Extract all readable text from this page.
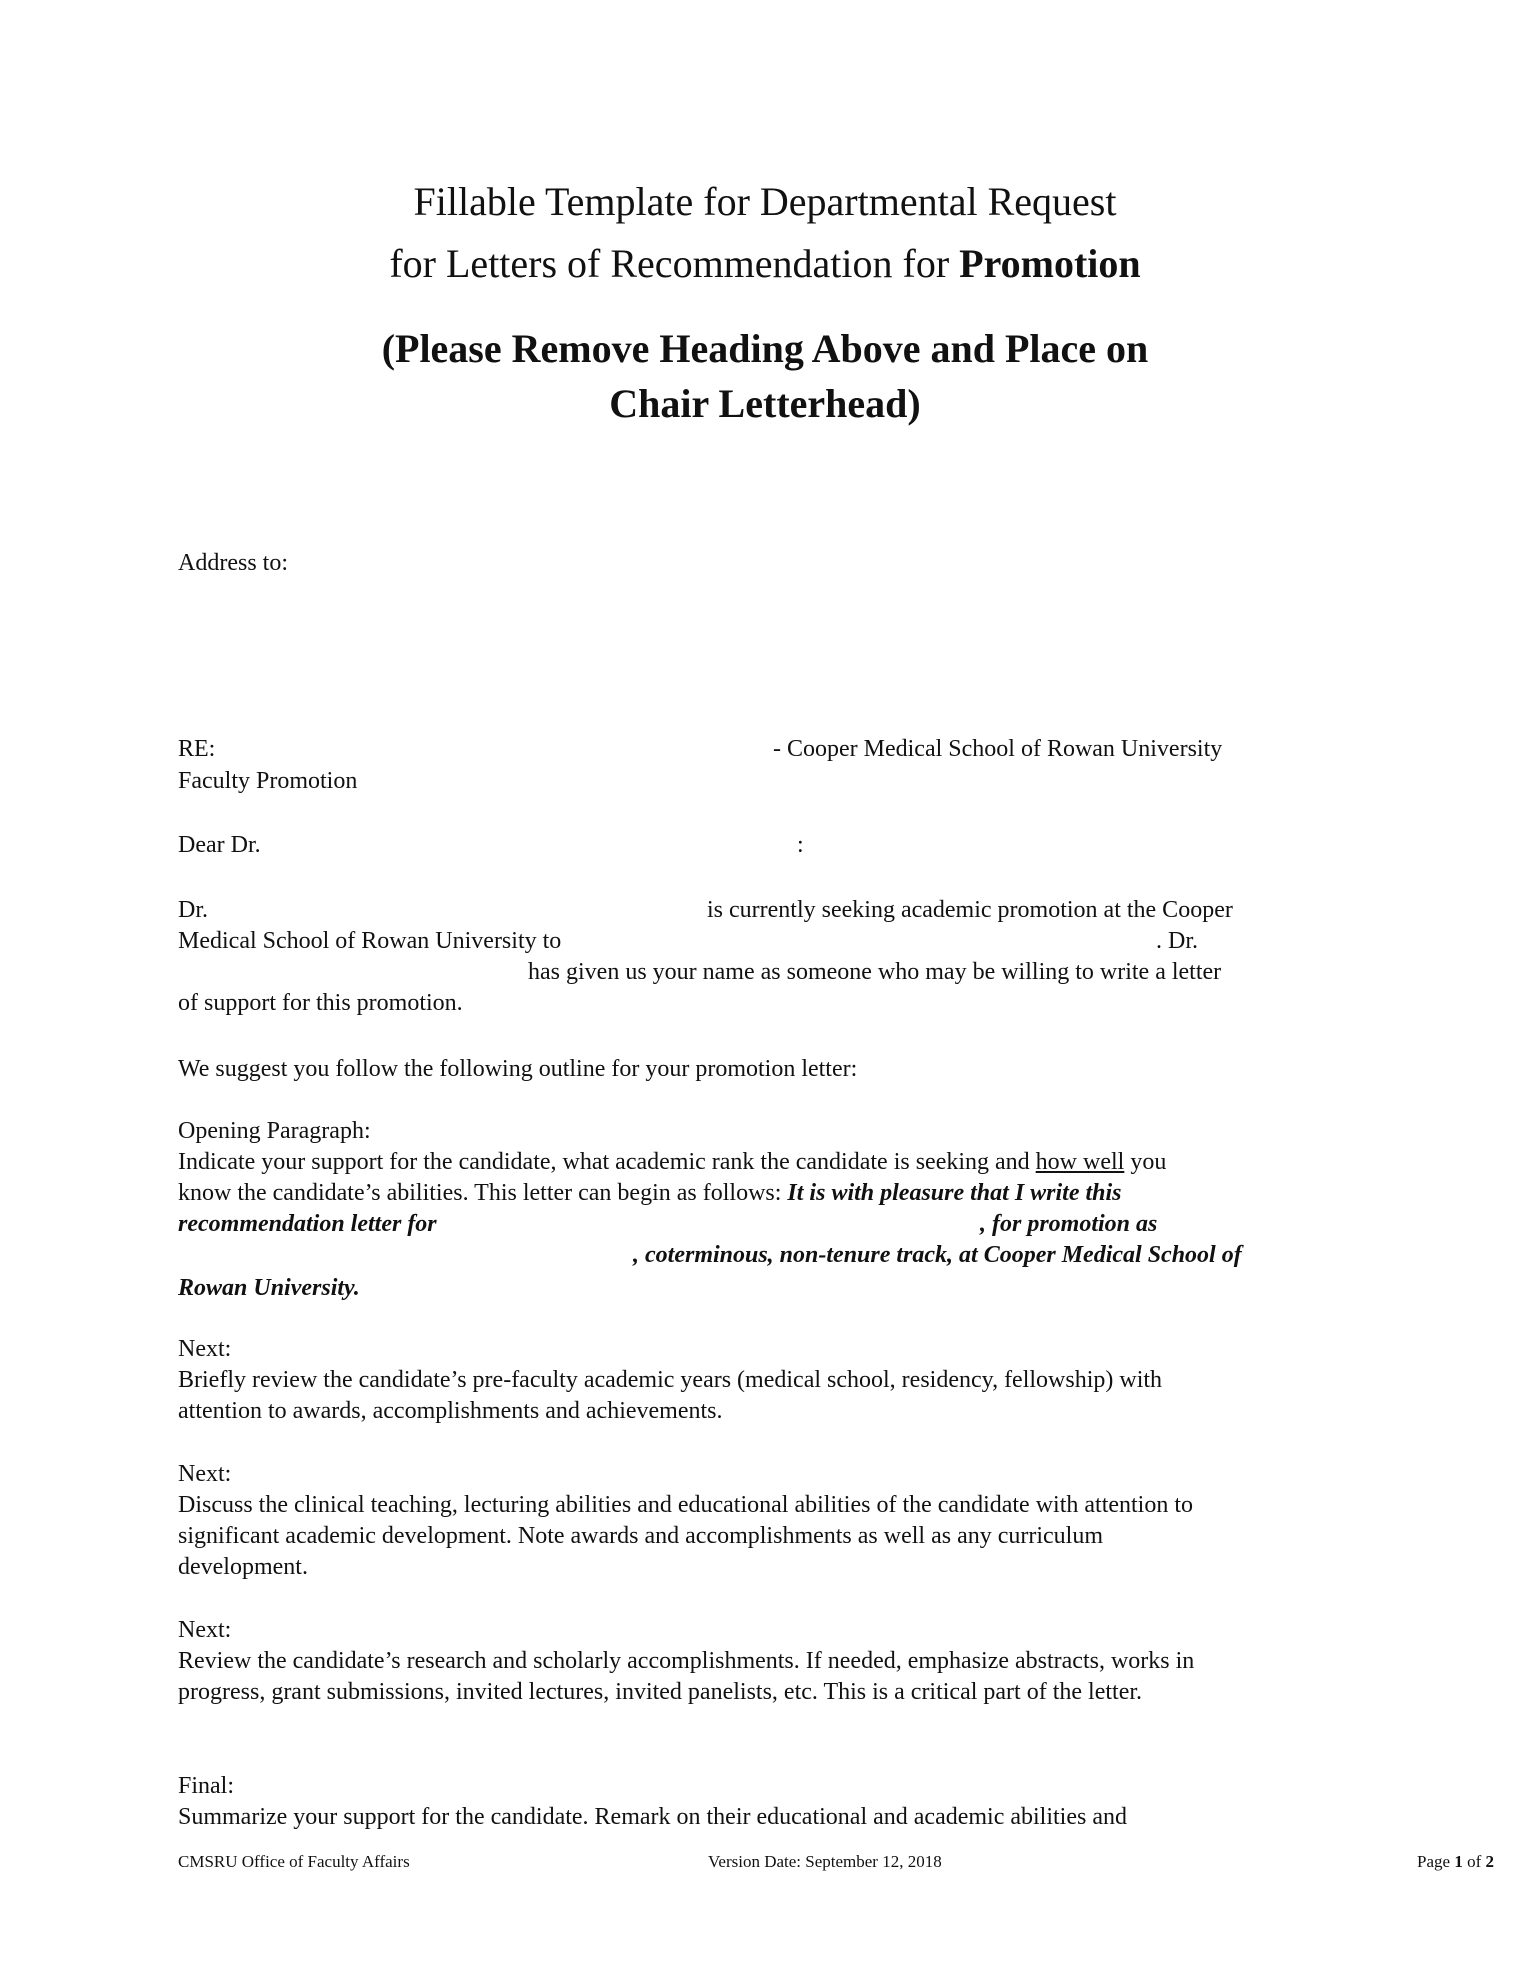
Fillable Template for Departmental Request
for Letters of Recommendation for Promotion
(Please Remove Heading Above and Place on
Chair Letterhead)
Address to:
RE:	- Cooper Medical School of Rowan University
Faculty Promotion
Dear Dr.	:
Dr.	is currently seeking academic promotion at the Cooper
Medical School of Rowan University to	. Dr.
has given us your name as someone who may be willing to write a letter
of support for this promotion.
We suggest you follow the following outline for your promotion letter:
Opening Paragraph:
Indicate your support for the candidate, what academic rank the candidate is seeking and how well you
know the candidate’s abilities. This letter can begin as follows: It is with pleasure that I write this
recommendation letter for	, for promotion as
, coterminous, non-tenure track, at Cooper Medical School of
Rowan University.
Next:
Briefly review the candidate’s pre-faculty academic years (medical school, residency, fellowship) with
attention to awards, accomplishments and achievements.
Next:
Discuss the clinical teaching, lecturing abilities and educational abilities of the candidate with attention to
significant academic development. Note awards and accomplishments as well as any curriculum
development.
Next:
Review the candidate’s research and scholarly accomplishments. If needed, emphasize abstracts, works in
progress, grant submissions, invited lectures, invited panelists, etc. This is a critical part of the letter.
Final:
Summarize your support for the candidate. Remark on their educational and academic abilities and
CMSRU Office of Faculty Affairs	Version Date: September 12, 2018	Page 1 of 2
